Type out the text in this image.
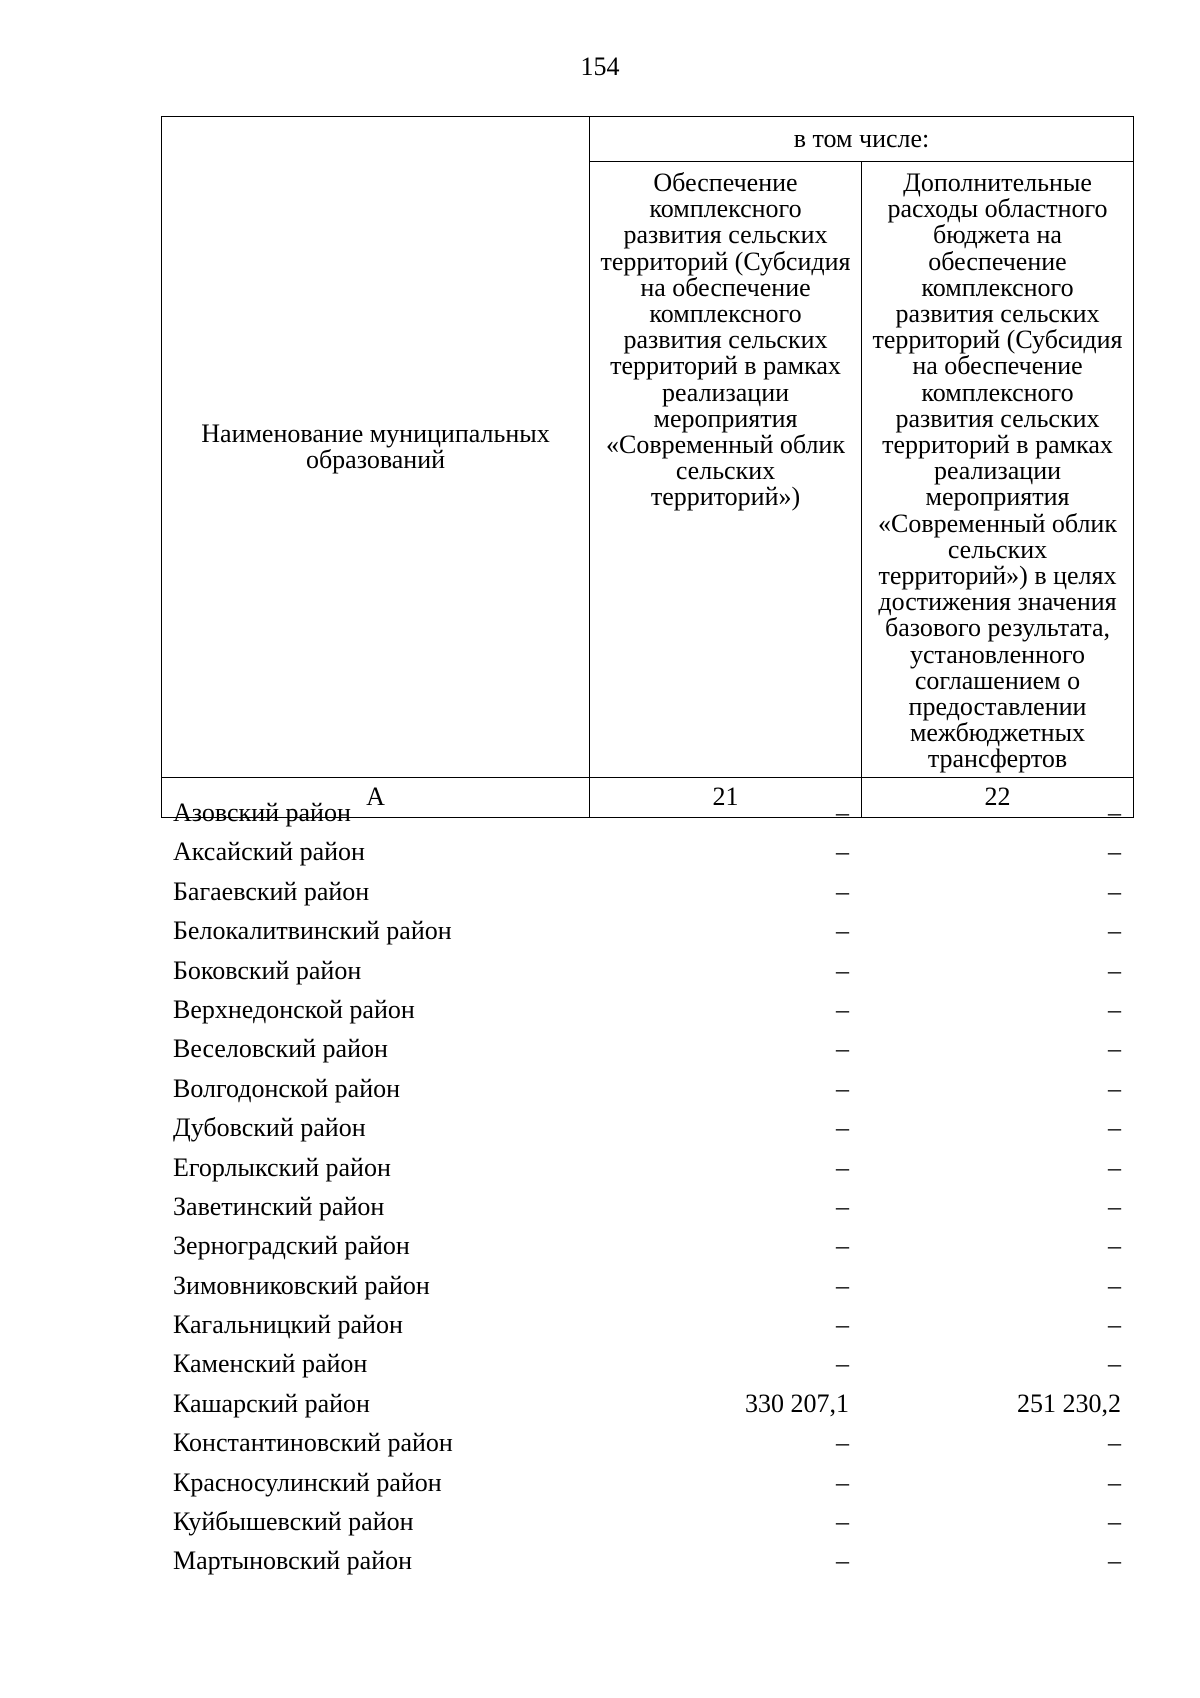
154
Наименование муниципальных образований	в том числе:	
	Обеспечение комплексного развития сельских территорий (Субсидия на обеспечение комплексного развития сельских территорий в рамках реализации мероприятия «Современный облик сельских территорий»)	Дополнительные расходы областного бюджета на обеспечение комплексного развития сельских территорий (Субсидия на обеспечение комплексного развития сельских территорий в рамках реализации мероприятия «Современный облик сельских территорий») в целях достижения значения базового результата, установленного соглашением о предоставлении межбюджетных трансфертов
А	21	22
Азовский район	–	–
Аксайский район	–	–
Багаевский район	–	–
Белокалитвинский район	–	–
Боковский район	–	–
Верхнедонской район	–	–
Веселовский район	–	–
Волгодонской район	–	–
Дубовский район	–	–
Егорлыкский район	–	–
Заветинский район	–	–
Зерноградский район	–	–
Зимовниковский район	–	–
Кагальницкий район	–	–
Каменский район	–	–
Кашарский район	330 207,1	251 230,2
Константиновский район	–	–
Красносулинский район	–	–
Куйбышевский район	–	–
Мартыновский район	–	–
